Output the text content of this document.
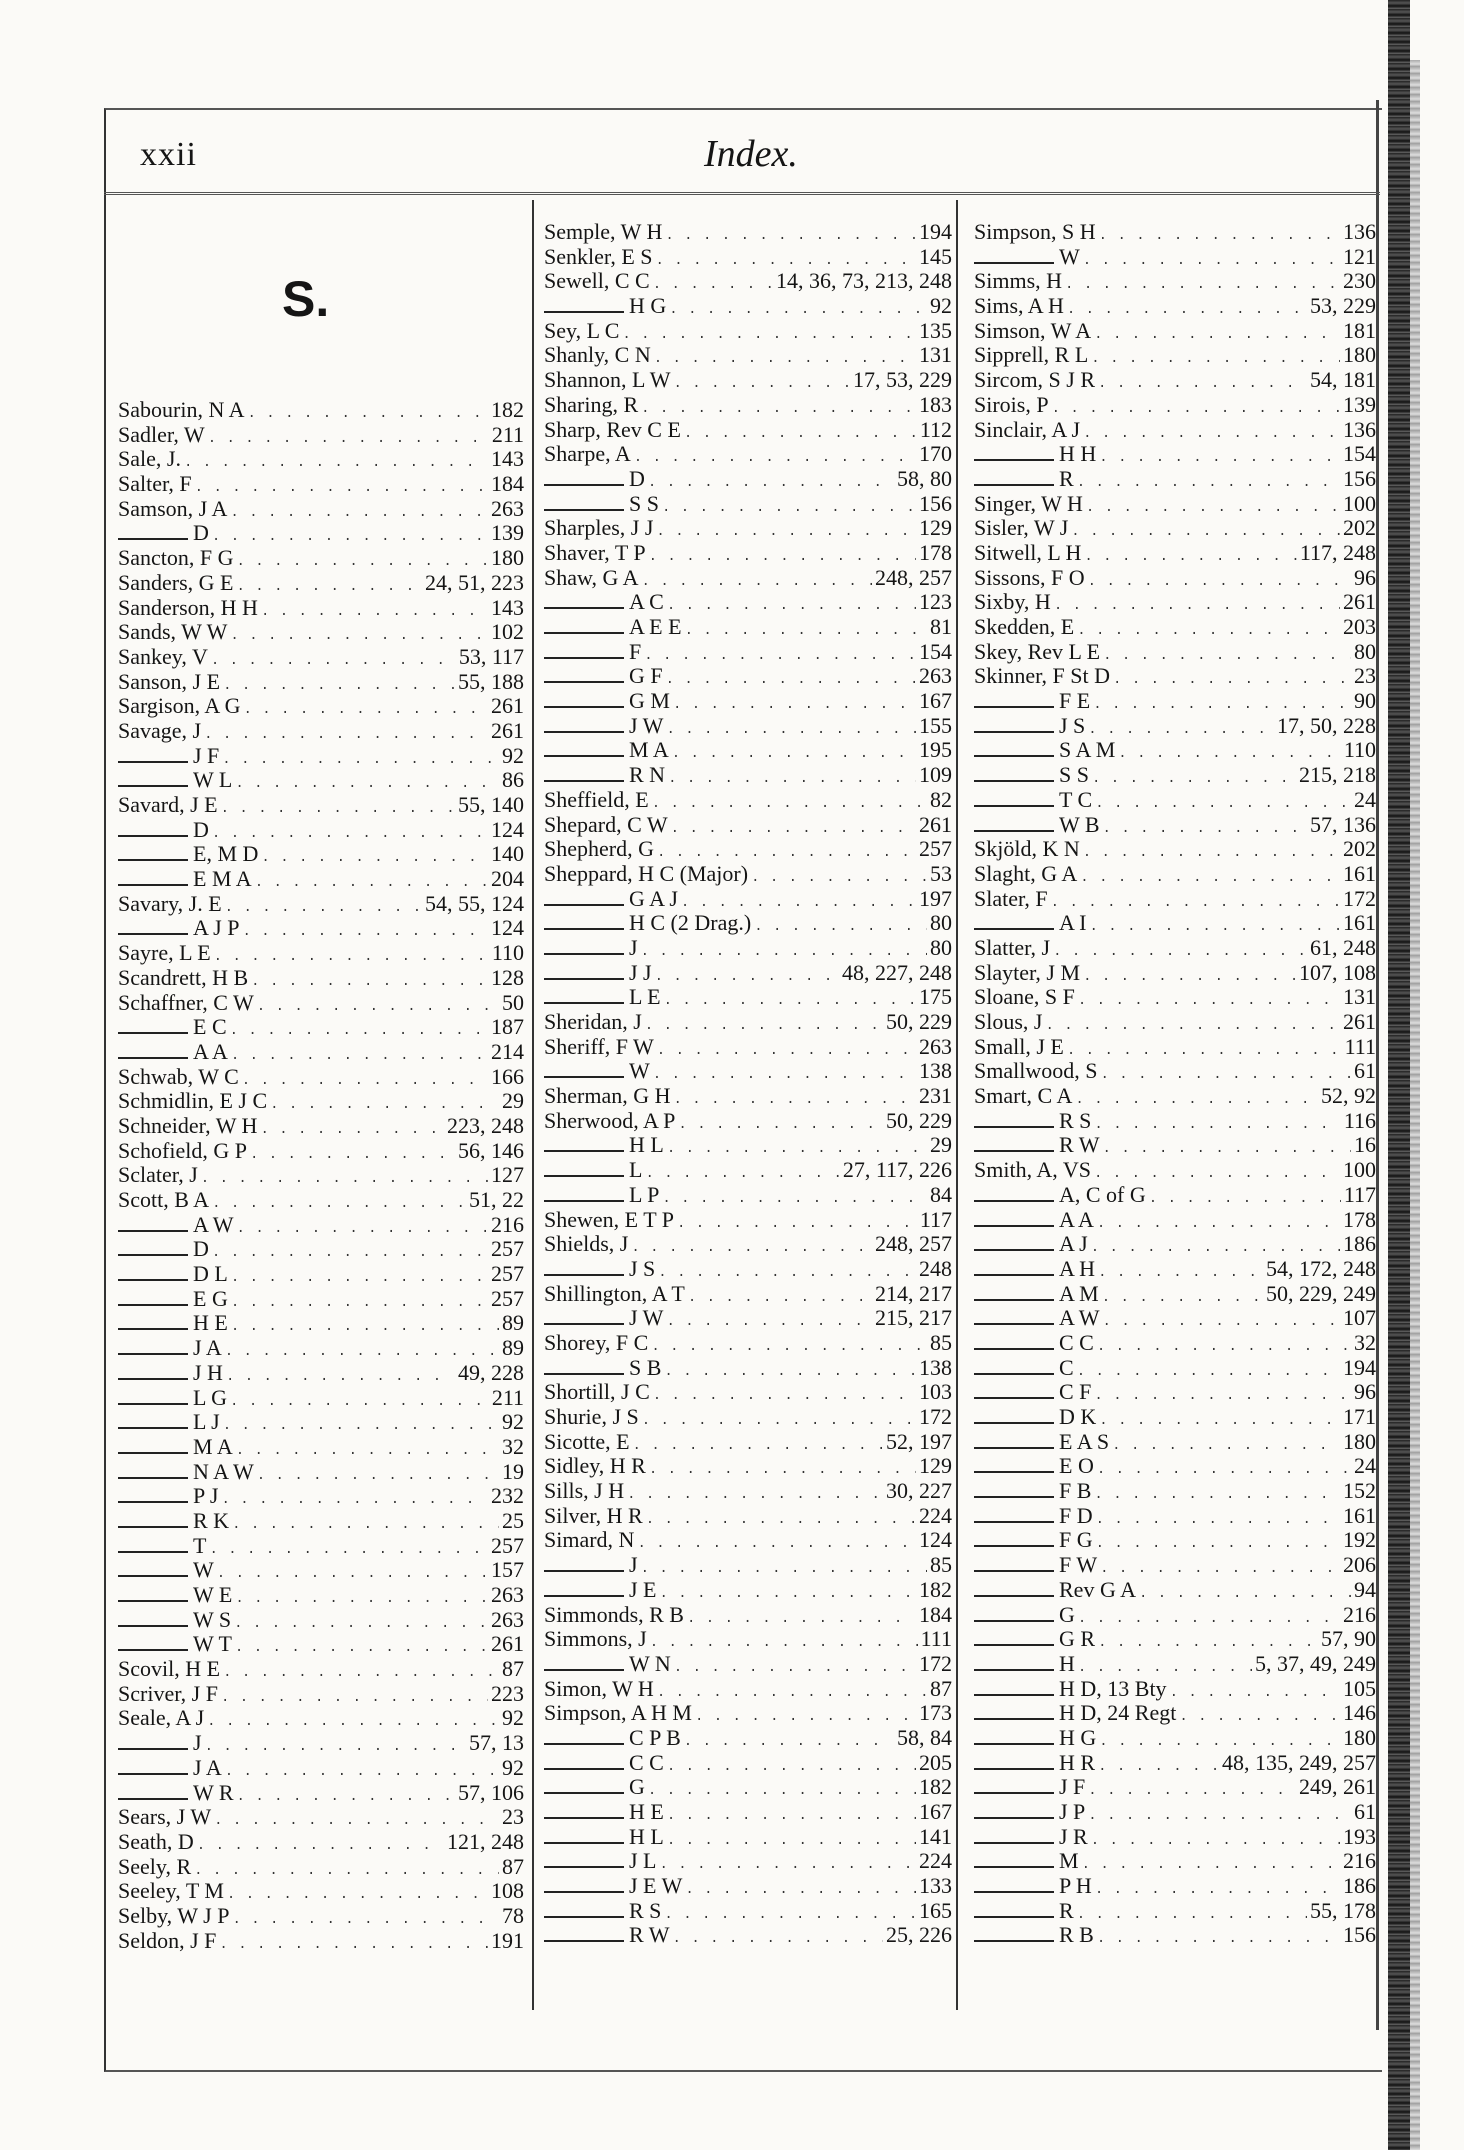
xxii	Index.
S.
Sabourin, N A . . .	182
Sadler, W . . .	211
Sale, J. . . .	143
Salter, F . . .	184
Samson, J A . . .	263
D . . .	139
Sancton, F G . . .	180
Sanders, G E . . .	24, 51, 223
Sanderson, H H . . .	143
Sands, W W . . .	102
Sankey, V . . .	53, 117
Sanson, J E . . .	55, 188
Sargison, A G . . .	261
Savage, J . . .	261
J F . . .	92
W L . . .	86
Savard, J E . . .	55, 140
D . . .	124
E, M D . . .	140
E M A . . .	204
Savary, J. E . . .	54, 55, 124
A J P . . .	124
Sayre, L E . . .	110
Scandrett, H B . . .	128
Schaffner, C W . . .	50
E C . . .	187
A A . . .	214
Schwab, W C . . .	166
Schmidlin, E J C . . .	29
Schneider, W H . . .	223, 248
Schofield, G P . . .	56, 146
Sclater, J . . .	127
Scott, B A . . .	51, 22
A W . . .	216
D . . .	257
D L . . .	257
E G . . .	257
H E . . .	89
J A . . .	89
J H . . .	49, 228
L G . . .	211
L J . . .	92
M A . . .	32
N A W . . .	19
P J . . .	232
R K . . .	25
T . . .	257
W . . .	157
W E . . .	263
W S . . .	263
W T . . .	261
Scovil, H E . . .	87
Scriver, J F . . .	223
Seale, A J . . .	92
J . . .	57, 13
J A . . .	92
W R . . .	57, 106
Sears, J W . . .	23
Seath, D . . .	121, 248
Seely, R . . .	87
Seeley, T M . . .	108
Selby, W J P . . .	78
Seldon, J F . . .	191
Semple, W H . . .	194
Senkler, E S . . .	145
Sewell, C C . . .	14, 36, 73, 213, 248
H G . . .	92
Sey, L C . . .	135
Shanly, C N . . .	131
Shannon, L W . . .	17, 53, 229
Sharing, R . . .	183
Sharp, Rev C E . . .	112
Sharpe, A . . .	170
D . . .	58, 80
S S . . .	156
Sharples, J J . . .	129
Shaver, T P . . .	178
Shaw, G A . . .	248, 257
A C . . .	123
A E E . . .	81
F . . .	154
G F . . .	263
G M . . .	167
J W . . .	155
M A . . .	195
R N . . .	109
Sheffield, E . . .	82
Shepard, C W . . .	261
Shepherd, G . . .	257
Sheppard, H C (Major) . . .	53
G A J . . .	197
H C (2 Drag.) . . .	80
J . . .	80
J J . . .	48, 227, 248
L E . . .	175
Sheridan, J . . .	50, 229
Sheriff, F W . . .	263
W . . .	138
Sherman, G H . . .	231
Sherwood, A P . . .	50, 229
H L . . .	29
L . . .	27, 117, 226
L P . . .	84
Shewen, E T P . . .	117
Shields, J . . .	248, 257
J S . . .	248
Shillington, A T . . .	214, 217
J W . . .	215, 217
Shorey, F C . . .	85
S B . . .	138
Shortill, J C . . .	103
Shurie, J S . . .	172
Sicotte, E . . .	52, 197
Sidley, H R . . .	129
Sills, J H . . .	30, 227
Silver, H R . . .	224
Simard, N . . .	124
J . . .	85
J E . . .	182
Simmonds, R B . . .	184
Simmons, J . . .	111
W N . . .	172
Simon, W H . . .	87
Simpson, A H M . . .	173
C P B . . .	58, 84
C C . . .	205
G . . .	182
H E . . .	167
H L . . .	141
J L . . .	224
J E W . . .	133
R S . . .	165
R W . . .	25, 226
Simpson, S H . . .	136
W . . .	121
Simms, H . . .	230
Sims, A H . . .	53, 229
Simson, W A . . .	181
Sipprell, R L . . .	180
Sircom, S J R . . .	54, 181
Sirois, P . . .	139
Sinclair, A J . . .	136
H H . . .	154
R . . .	156
Singer, W H . . .	100
Sisler, W J . . .	202
Sitwell, L H . . .	117, 248
Sissons, F O . . .	96
Sixby, H . . .	261
Skedden, E . . .	203
Skey, Rev L E . . .	80
Skinner, F St D . . .	23
F E . . .	90
J S . . .	17, 50, 228
S A M . . .	110
S S . . .	215, 218
T C . . .	24
W B . . .	57, 136
Skjöld, K N . . .	202
Slaght, G A . . .	161
Slater, F . . .	172
A I . . .	161
Slatter, J . . .	61, 248
Slayter, J M . . .	107, 108
Sloane, S F . . .	131
Slous, J . . .	261
Small, J E . . .	111
Smallwood, S . . .	61
Smart, C A . . .	52, 92
R S . . .	116
R W . . .	16
Smith, A, VS . . .	100
A, C of G . . .	117
A A . . .	178
A J . . .	186
A H . . .	54, 172, 248
A M . . .	50, 229, 249
A W . . .	107
C C . . .	32
C . . .	194
C F . . .	96
D K . . .	171
E A S . . .	180
E O . . .	24
F B . . .	152
F D . . .	161
F G . . .	192
F W . . .	206
Rev G A . . .	94
G . . .	216
G R . . .	57, 90
H . . .	5, 37, 49, 249
H D, 13 Bty . . .	105
H D, 24 Regt . . .	146
H G . . .	180
H R . . .	48, 135, 249, 257
J F . . .	249, 261
J P . . .	61
J R . . .	193
M . . .	216
P H . . .	186
R . . .	55, 178
R B . . .	156
